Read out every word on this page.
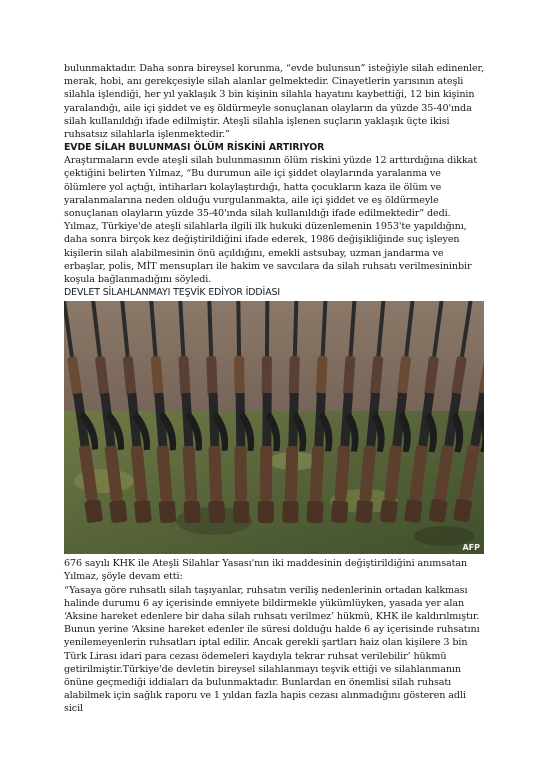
bulunmaktadır. Daha sonra bireysel korunma, “evde bulunsun” isteğiyle silah edinenler, merak, hobi, anı gerekçesiyle silah alanlar gelmektedir. Cinayetlerin yarısının ateşli silahla işlendiği, her yıl yaklaşık 3 bin kişinin silahla hayatını kaybettiği, 12 bin kişinin yaralandığı, aile içi şiddet ve eş öldürmeyle sonuçlanan olayların da yüzde 35-40'ında silah kullanıldığı ifade edilmiştir. Ateşli silahla işlenen suçların yaklaşık üçte ikisi ruhsatsız silahlarla işlenmektedir.”

EVDE SİLAH BULUNMASI ÖLÜM RİSKİNİ ARTIRIYOR

Araştırmaların evde ateşli silah bulunmasının ölüm riskini yüzde 12 arttırdığına dikkat çektiğini belirten Yılmaz, “Bu durumun aile içi şiddet olaylarında yaralanma ve ölümlere yol açtığı, intiharları kolaylaştırdığı, hatta çocukların kaza ile ölüm ve yaralanmalarına neden olduğu vurgulanmakta, aile içi şiddet ve eş öldürmeyle sonuçlanan olayların yüzde 35-40'ında silah kullanıldığı ifade edilmektedir” dedi.

Yılmaz, Türkiye'de ateşli silahlarla ilgili ilk hukuki düzenlemenin 1953'te yapıldığını, daha sonra birçok kez değiştirildiğini ifade ederek, 1986 değişikliğinde suç işleyen kişilerin silah alabilmesinin önü açıldığını, emekli astsubay, uzman jandarma ve erbaşlar, polis, MİT mensupları ile hakim ve savcılara da silah ruhsatı verilmesininbir koşula bağlanmadığını söyledi.

DEVLET SİLAHLANMAYI TEŞVİK EDİYOR İDDİASI

AFP

676 sayılı KHK ile Ateşli Silahlar Yasası'nın iki maddesinin değiştirildiğini anımsatan Yılmaz, şöyle devam etti:

“Yasaya göre ruhsatlı silah taşıyanlar, ruhsatın veriliş nedenlerinin ortadan kalkması halinde durumu 6 ay içerisinde emniyete bildirmekle yükümlüyken, yasada yer alan ‘Aksine hareket edenlere bir daha silah ruhsatı verilmez’ hükmü, KHK ile kaldırılmıştır. Bunun yerine ‘Aksine hareket edenler ile süresi dolduğu halde 6 ay içerisinde ruhsatını yenilemeyenlerin ruhsatları iptal edilir. Ancak gerekli şartları haiz olan kişilere 3 bin Türk Lirası idari para cezası ödemeleri kaydıyla tekrar ruhsat verilebilir’ hükmü getirilmiştir.Türkiye'de devletin bireysel silahlanmayı teşvik ettiği ve silahlanmanın önüne geçmediği iddiaları da bulunmaktadır. Bunlardan en önemlisi silah ruhsatı alabilmek için sağlık raporu ve 1 yıldan fazla hapis cezası alınmadığını gösteren adli sicil
